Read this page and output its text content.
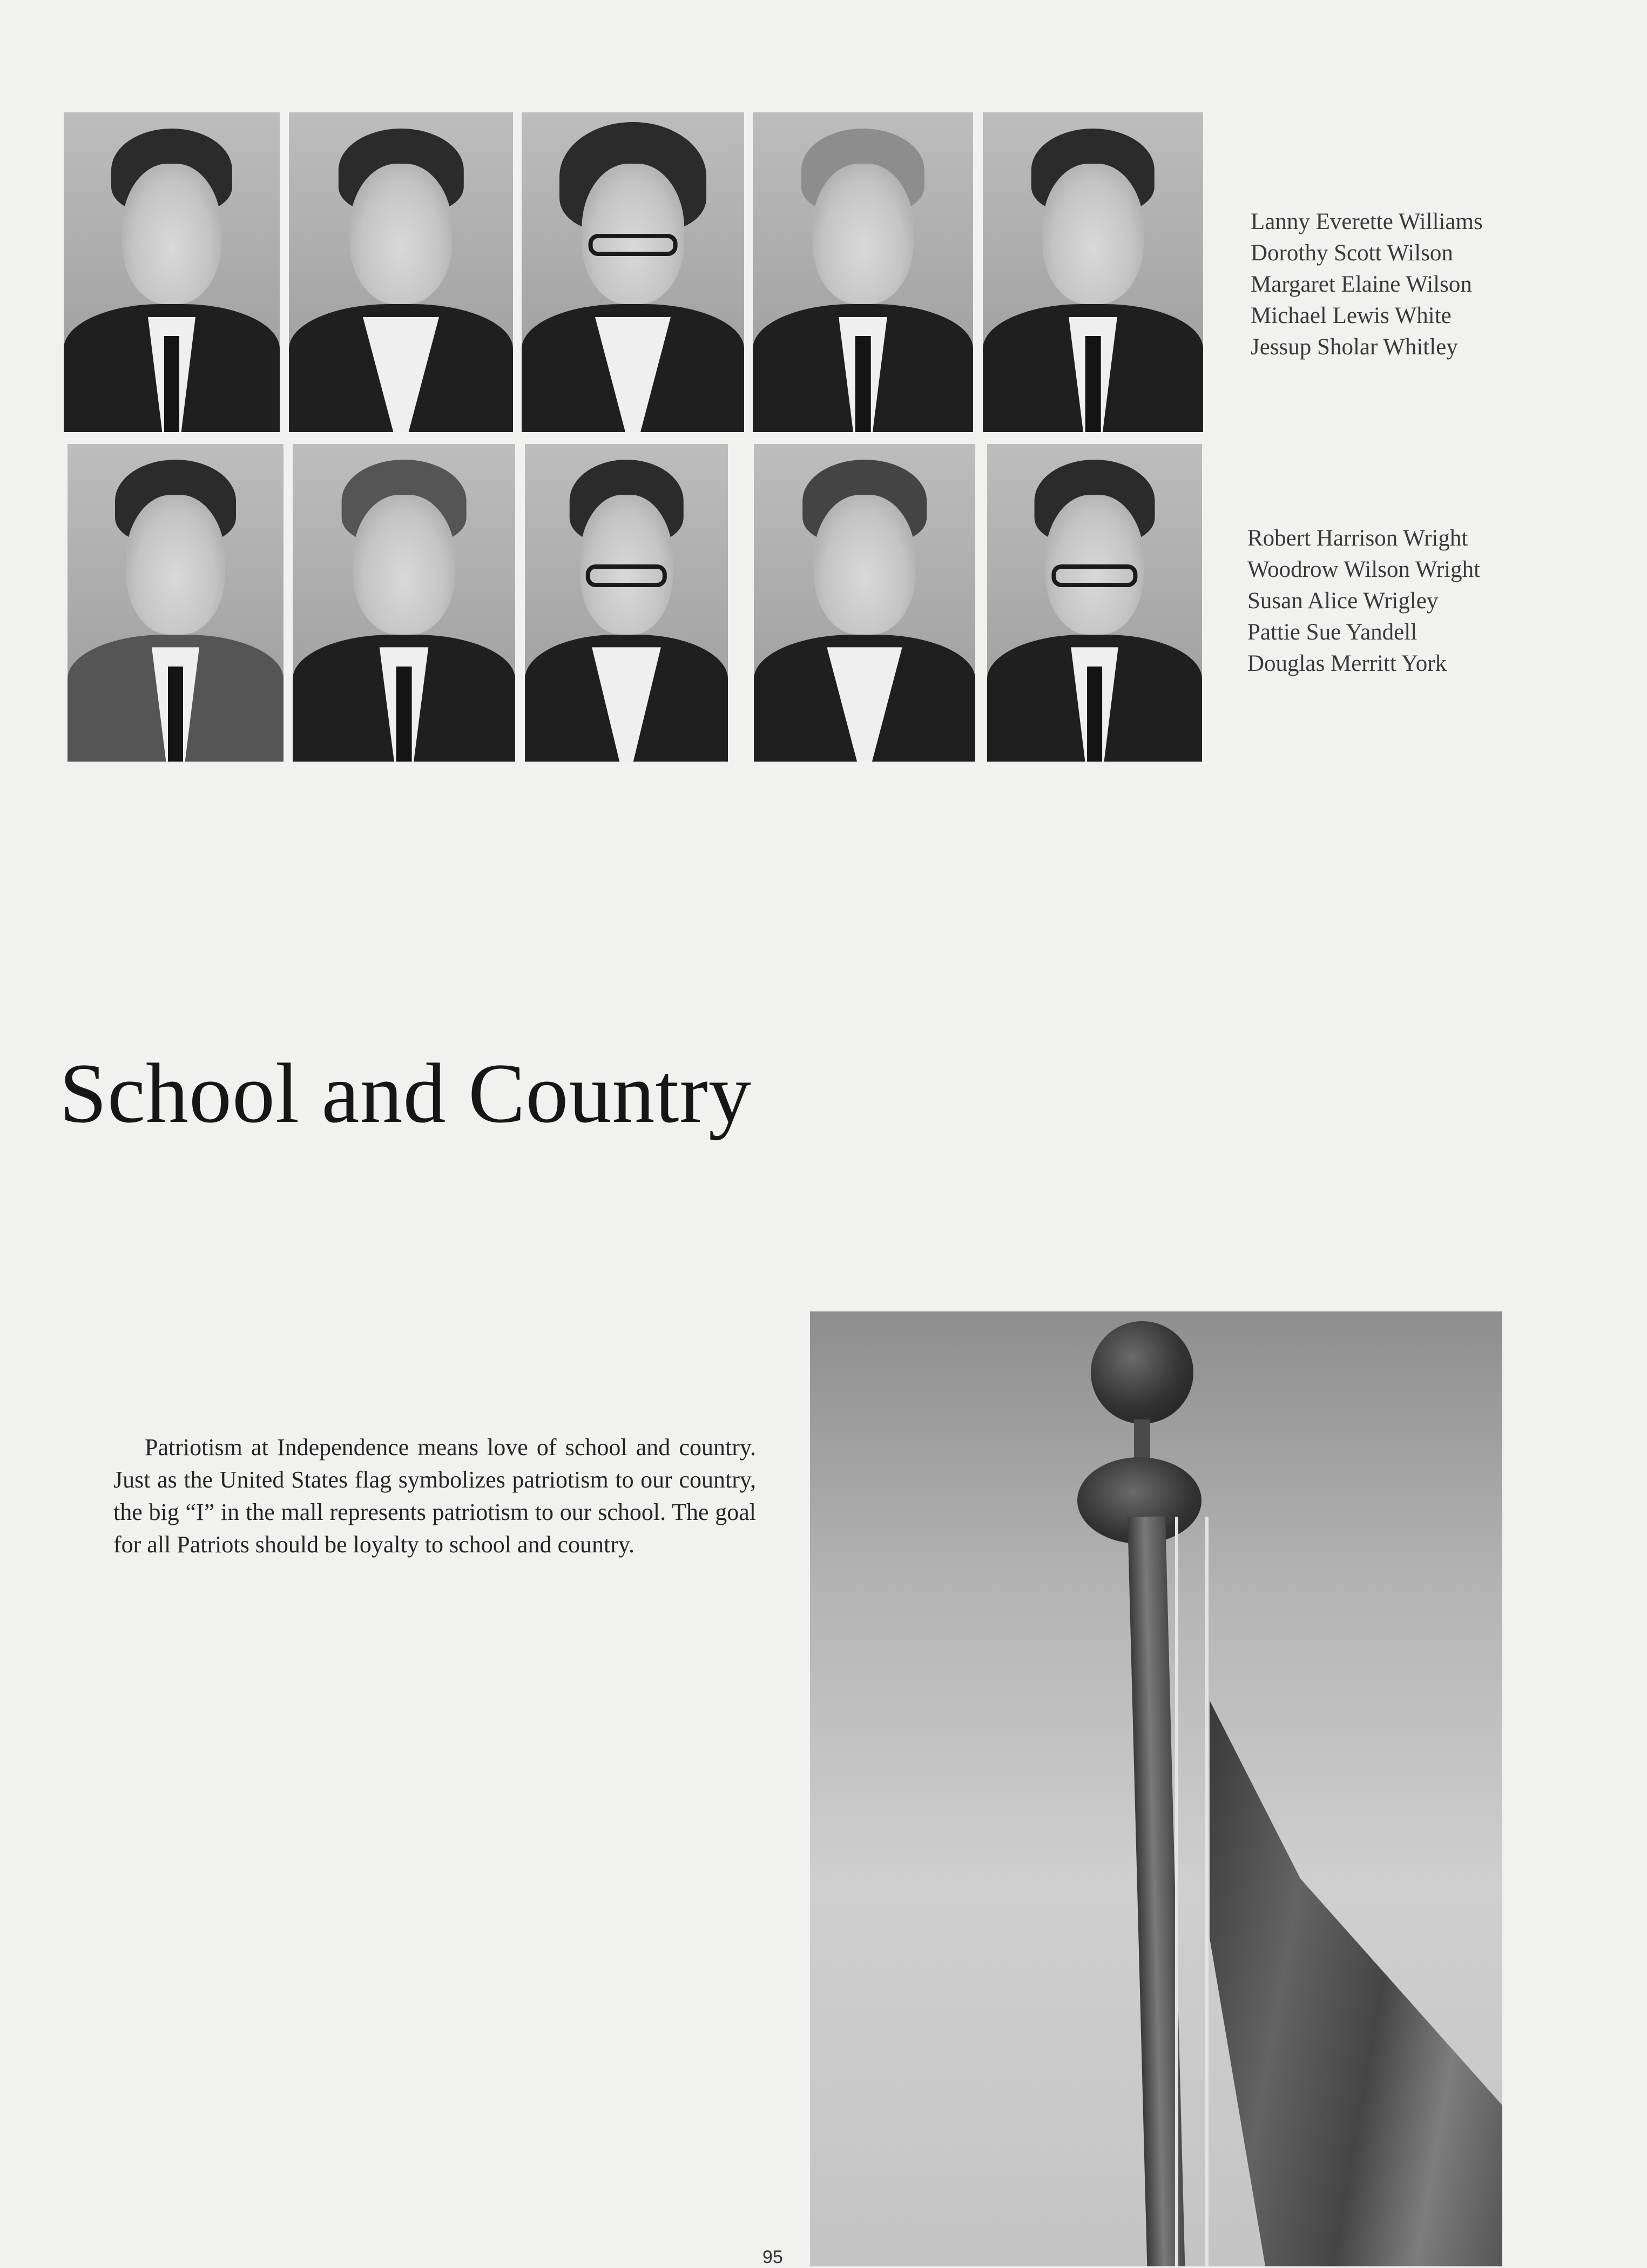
Lanny Everette Williams
Dorothy Scott Wilson
Margaret Elaine Wilson
Michael Lewis White
Jessup Sholar Whitley
Robert Harrison Wright
Woodrow Wilson Wright
Susan Alice Wrigley
Pattie Sue Yandell
Douglas Merritt York
School and Country
Patriotism at Independence means love of school and country. Just as the United States flag symbolizes patriotism to our country, the big “I” in the mall represents patriotism to our school. The goal for all Patriots should be loyalty to school and country.
95
